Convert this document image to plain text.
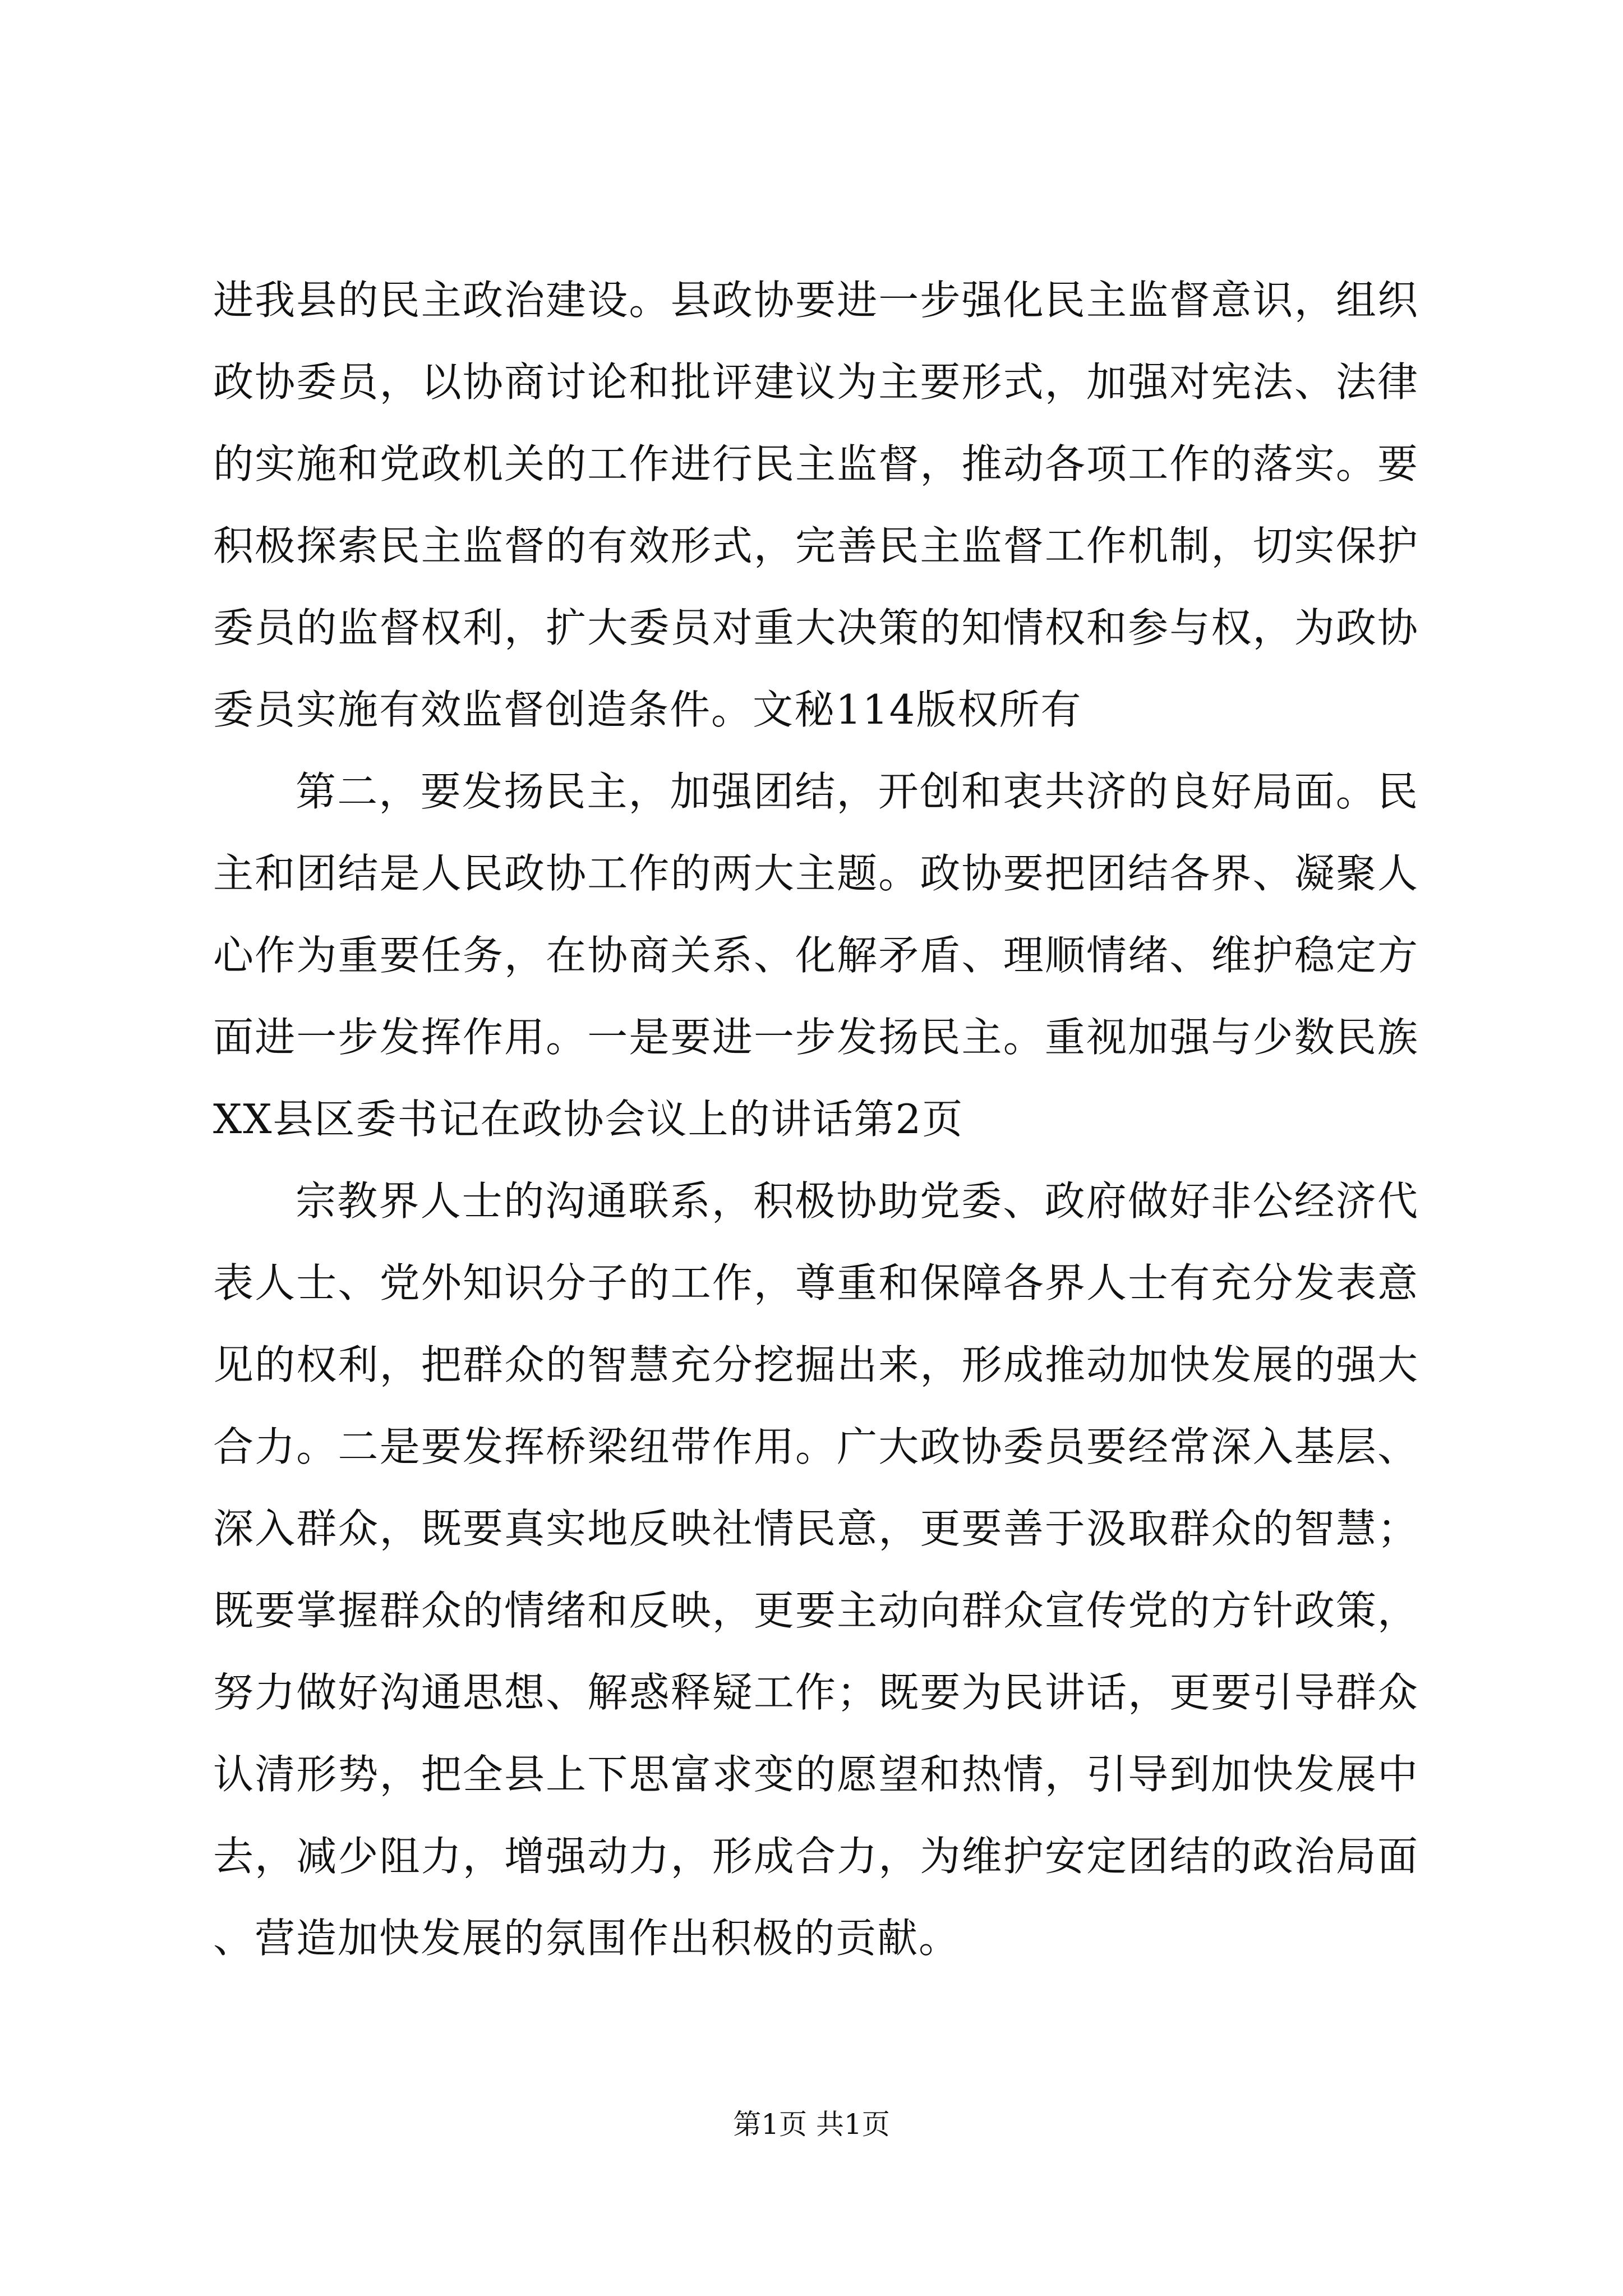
进我县的民主政治建设。县政协要进一步强化民主监督意识，组织政协委员，以协商讨论和批评建议为主要形式，加强对宪法、法律的实施和党政机关的工作进行民主监督，推动各项工作的落实。要积极探索民主监督的有效形式，完善民主监督工作机制，切实保护委员的监督权利，扩大委员对重大决策的知情权和参与权，为政协委员实施有效监督创造条件。文秘114版权所有

第二，要发扬民主，加强团结，开创和衷共济的良好局面。民主和团结是人民政协工作的两大主题。政协要把团结各界、凝聚人心作为重要任务，在协商关系、化解矛盾、理顺情绪、维护稳定方面进一步发挥作用。一是要进一步发扬民主。重视加强与少数民族XX县区委书记在政协会议上的讲话第2页

宗教界人士的沟通联系，积极协助党委、政府做好非公经济代表人士、党外知识分子的工作，尊重和保障各界人士有充分发表意见的权利，把群众的智慧充分挖掘出来，形成推动加快发展的强大合力。二是要发挥桥梁纽带作用。广大政协委员要经常深入基层、深入群众，既要真实地反映社情民意，更要善于汲取群众的智慧；既要掌握群众的情绪和反映，更要主动向群众宣传党的方针政策，努力做好沟通思想、解惑释疑工作；既要为民讲话，更要引导群众认清形势，把全县上下思富求变的愿望和热情，引导到加快发展中去，减少阻力，增强动力，形成合力，为维护安定团结的政治局面、营造加快发展的氛围作出积极的贡献。

第1页 共1页
